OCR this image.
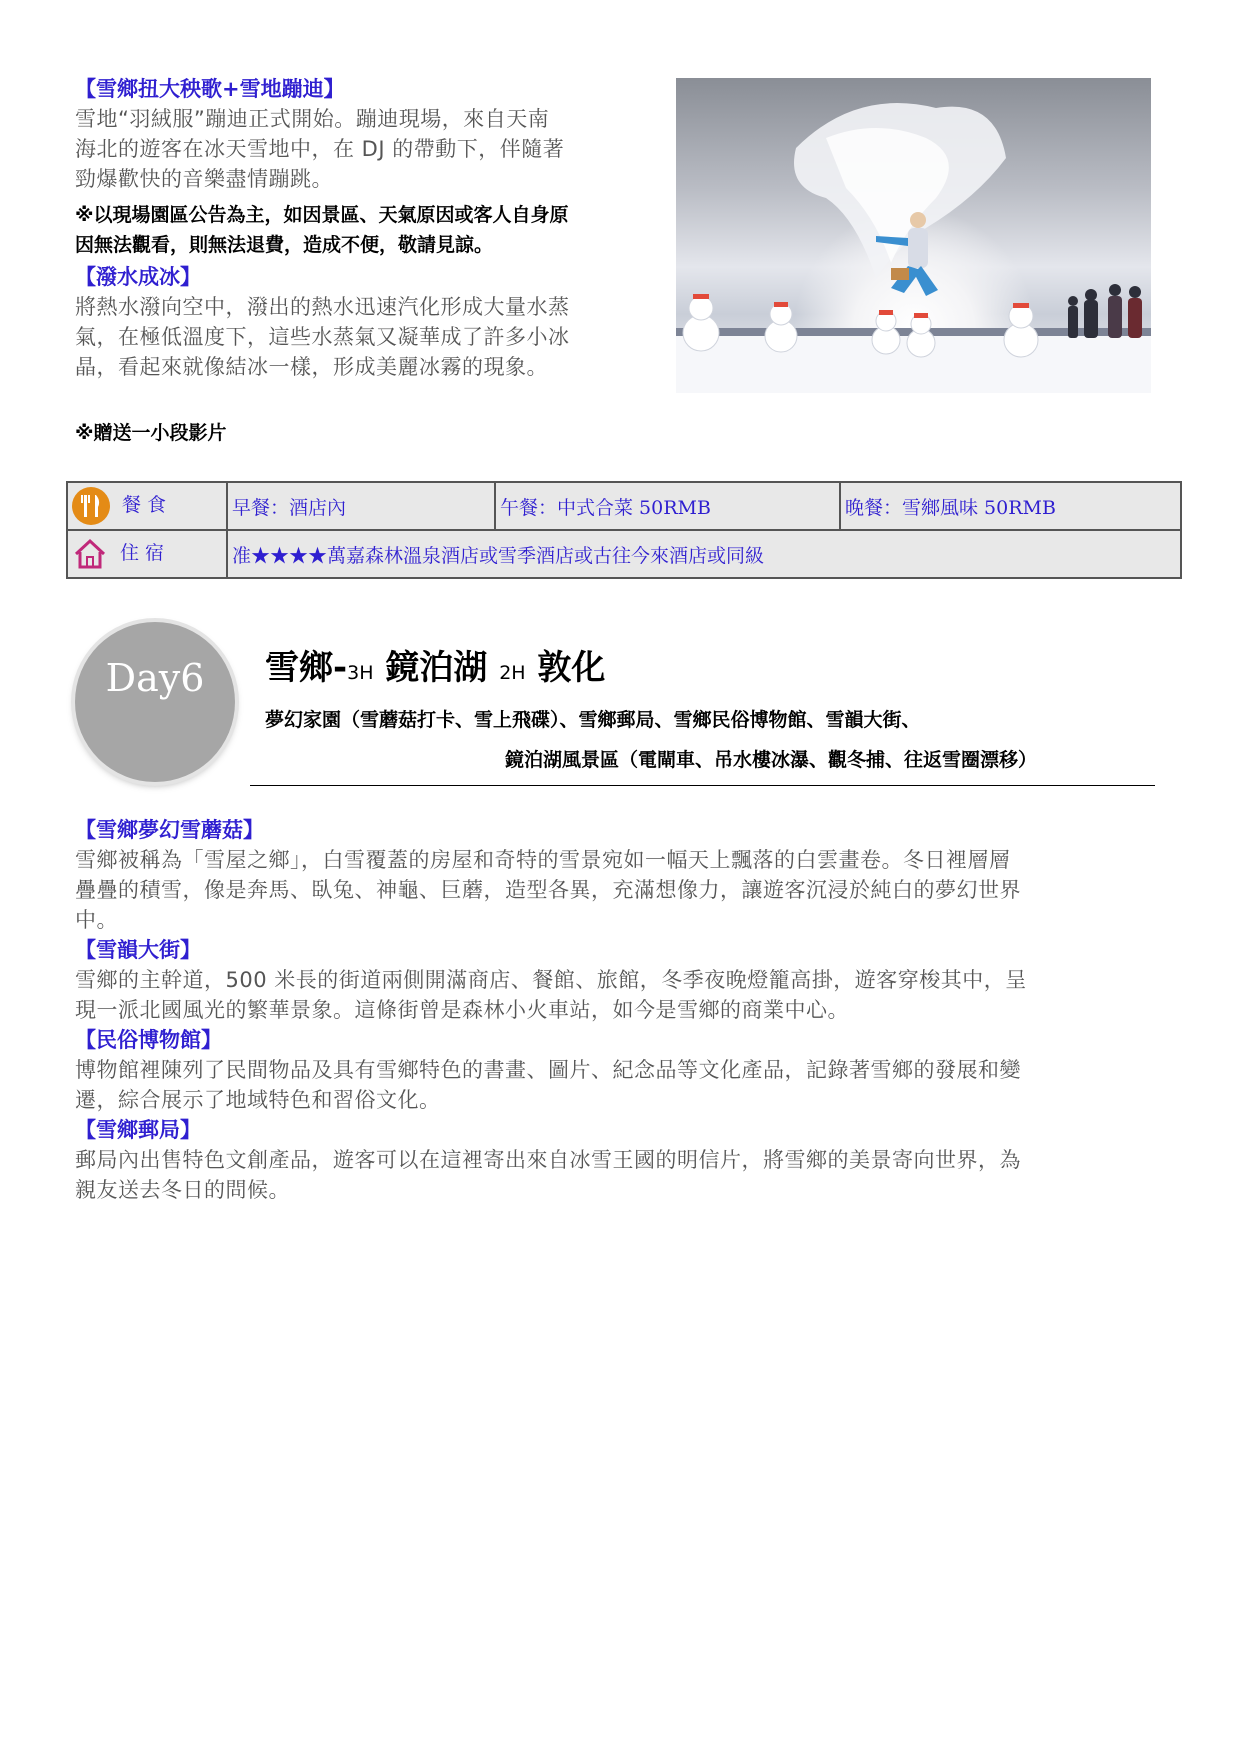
【雪鄉扭大秧歌+雪地蹦迪】
雪地“羽絨服”蹦迪正式開始。蹦迪現場，來自天南
海北的遊客在冰天雪地中，在 DJ 的帶動下，伴隨著
勁爆歡快的音樂盡情蹦跳。
※以現場園區公告為主，如因景區、天氣原因或客人自身原
因無法觀看，則無法退費，造成不便，敬請見諒。
【潑水成冰】
將熱水潑向空中，潑出的熱水迅速汽化形成大量水蒸
氣，在極低溫度下，這些水蒸氣又凝華成了許多小冰
晶，看起來就像結冰一樣，形成美麗冰霧的現象。
※贈送一小段影片
餐 食	早餐：酒店內	午餐：中式合菜 50RMB	晚餐：雪鄉風味 50RMB
住 宿	准★★★★萬嘉森林溫泉酒店或雪季酒店或古往今來酒店或同級		
Day6	雪鄉-3H 鏡泊湖 2H 敦化
夢幻家園（雪蘑菇打卡、雪上飛碟）、雪鄉郵局、雪鄉民俗博物館、雪韻大街、
鏡泊湖風景區（電閘車、吊水樓冰瀑、觀冬捕、往返雪圈漂移）
【雪鄉夢幻雪蘑菇】
雪鄉被稱為「雪屋之鄉」，白雪覆蓋的房屋和奇特的雪景宛如一幅天上飄落的白雲畫卷。冬日裡層層
疊疊的積雪，像是奔馬、臥兔、神龜、巨蘑，造型各異，充滿想像力，讓遊客沉浸於純白的夢幻世界
中。
【雪韻大街】
雪鄉的主幹道，500 米長的街道兩側開滿商店、餐館、旅館，冬季夜晚燈籠高掛，遊客穿梭其中，呈
現一派北國風光的繁華景象。這條街曾是森林小火車站，如今是雪鄉的商業中心。
【民俗博物館】
博物館裡陳列了民間物品及具有雪鄉特色的書畫、圖片、紀念品等文化產品，記錄著雪鄉的發展和變
遷，綜合展示了地域特色和習俗文化。
【雪鄉郵局】
郵局內出售特色文創產品，遊客可以在這裡寄出來自冰雪王國的明信片，將雪鄉的美景寄向世界，為
親友送去冬日的問候。
